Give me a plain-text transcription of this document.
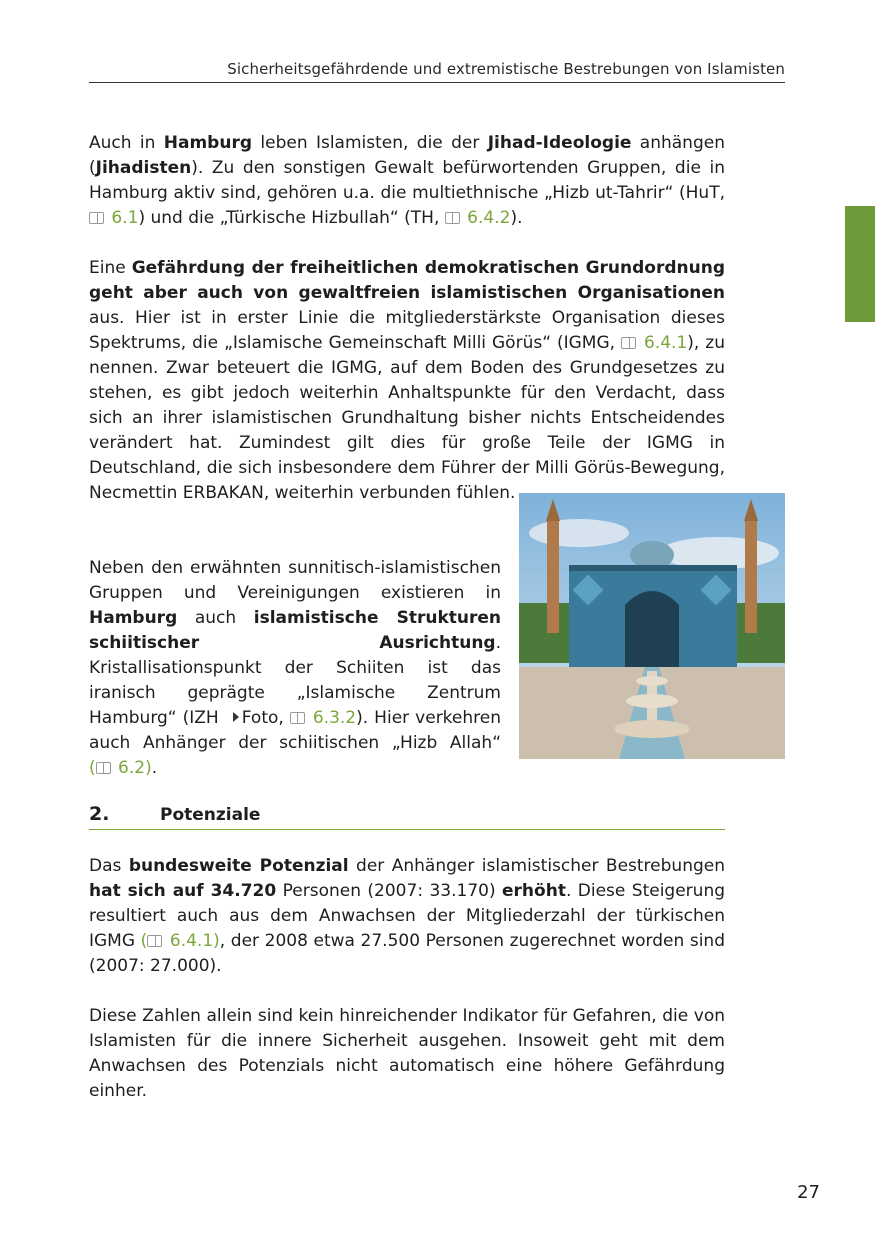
Sicherheitsgefährdende und extremistische Bestrebungen von Islamisten

Auch in Hamburg leben Islamisten, die der Jihad-Ideologie anhängen (Jihadisten). Zu den sonstigen Gewalt befürwortenden Gruppen, die in Hamburg aktiv sind, gehören u.a. die multiethnische „Hizb ut-Tahrir“ (HuT,  6.1) und die „Türkische Hizbullah“ (TH,  6.4.2).

Eine Gefährdung der freiheitlichen demokratischen Grundordnung geht aber auch von gewaltfreien islamistischen Organisationen aus. Hier ist in erster Linie die mitgliederstärkste Organisation dieses Spektrums, die „Islamische Gemeinschaft Milli Görüs“ (IGMG,  6.4.1), zu nennen. Zwar beteuert die IGMG, auf dem Boden des Grundgesetzes zu stehen, es gibt jedoch weiterhin Anhaltspunkte für den Verdacht, dass sich an ihrer islamistischen Grundhaltung bisher nichts Entscheidendes verändert hat. Zumindest gilt dies für große Teile der IGMG in Deutschland, die sich insbesondere dem Führer der Milli Görüs-Bewegung, Necmettin ERBAKAN, weiterhin verbunden fühlen.

Neben den erwähnten sunnitisch-islamistischen Gruppen und Vereinigungen existieren in Hamburg auch islamistische Strukturen schiitischer Ausrichtung. Kristallisationspunkt der Schiiten ist das iranisch geprägte „Islamische Zentrum Hamburg“ (IZH Foto, 6.3.2). Hier verkehren auch Anhänger der schiitischen „Hizb Allah“ ( 6.2).

2.	Potenziale

Das bundesweite Potenzial der Anhänger islamistischer Bestrebungen hat sich auf 34.720 Personen (2007: 33.170) erhöht. Diese Steigerung resultiert auch aus dem Anwachsen der Mitgliederzahl der türkischen IGMG ( 6.4.1), der 2008 etwa 27.500 Personen zugerechnet worden sind (2007: 27.000).

Diese Zahlen allein sind kein hinreichender Indikator für Gefahren, die von Islamisten für die innere Sicherheit ausgehen. Insoweit geht mit dem Anwachsen des Potenzials nicht automatisch eine höhere Gefährdung einher.

27
